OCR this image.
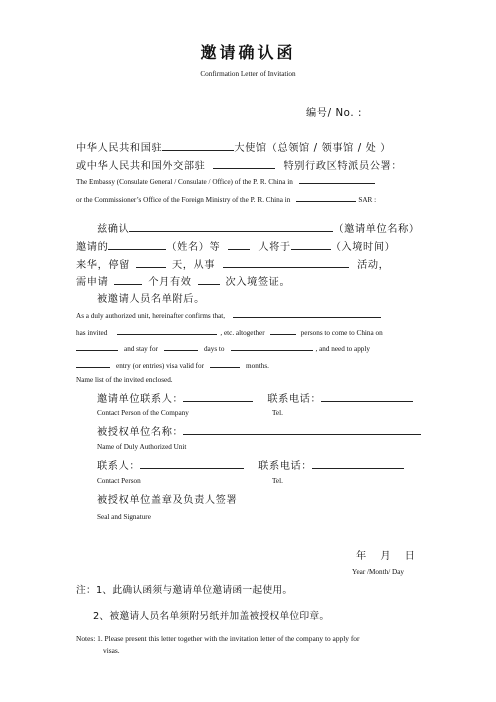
邀请确认函
Confirmation Letter of Invitation
编号/ No. :
中华人民共和国驻	大使馆（总领馆 / 领事馆 / 处 ）
或中华人民共和国外交部驻	特别行政区特派员公署：
The Embassy (Consulate General / Consulate / Office) of the P. R. China in
or the Commissioner’s Office of the Foreign Ministry of the P. R. China in	SAR :
兹确认	（邀请单位名称）
邀请的	（姓名）等	人将于	（入境时间）
来华，停留	天，从事	活动，
需申请	个月有效	次入境签证。
被邀请人员名单附后。
As a duly authorized unit, hereinafter confirms that,
has invited	, etc. altogether	persons to come to China on
and stay for	days to	, and need to apply
entry (or entries) visa valid for	months.
Name list of the invited enclosed.
邀请单位联系人：	联系电话：
Contact Person of the Company	Tel.
被授权单位名称：
Name of Duly Authorized Unit
联系人：	联系电话：
Contact Person	Tel.
被授权单位盖章及负责人签署
Seal and Signature
年　月　日
Year /Month/ Day
注：1、此确认函须与邀请单位邀请函一起使用。
2、被邀请人员名单须附另纸并加盖被授权单位印章。
Notes: 1. Please present this letter together with the invitation letter of the company to apply for
visas.
